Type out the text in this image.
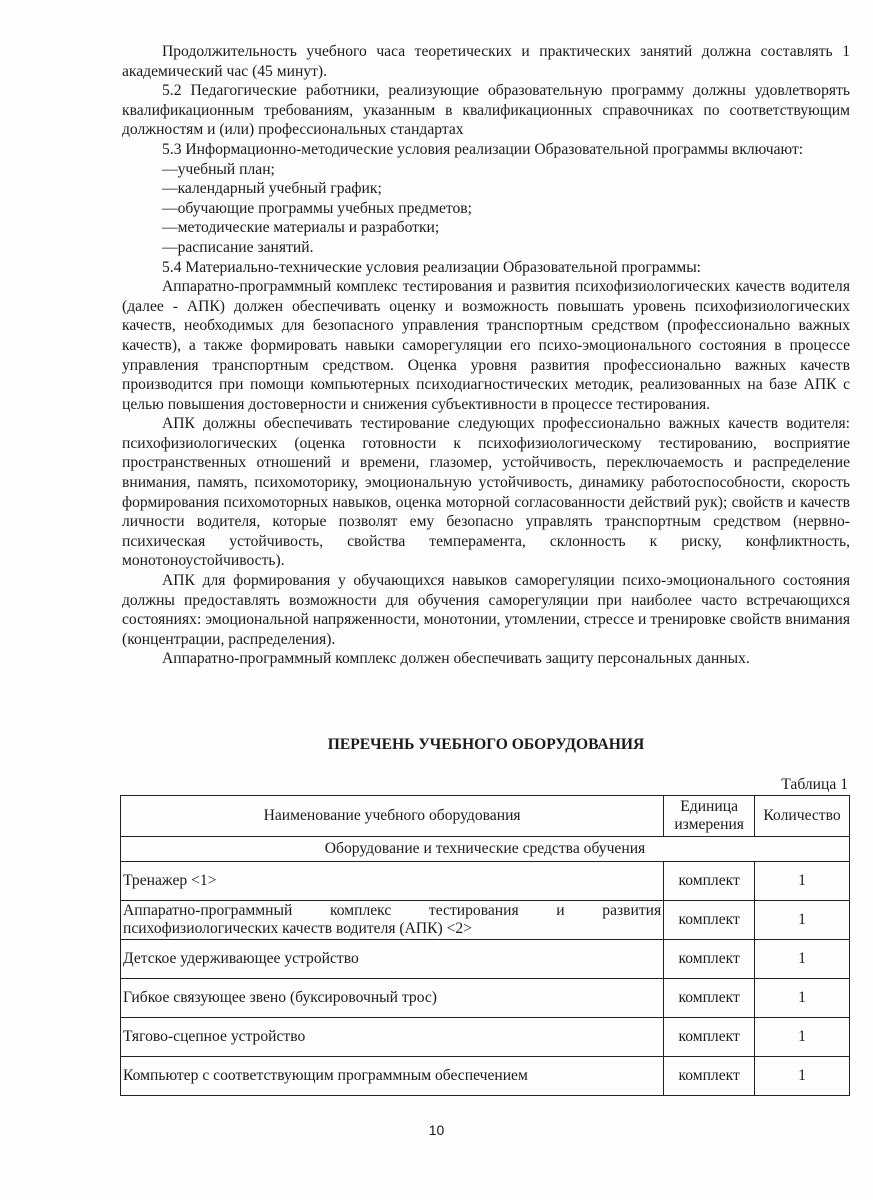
Продолжительность учебного часа теоретических и практических занятий должна составлять 1 академический час (45 минут).

5.2 Педагогические работники, реализующие образовательную программу должны удовлетворять квалификационным требованиям, указанным в квалификационных справочниках по соответствующим должностям и (или) профессиональных стандартах

5.3 Информационно-методические условия реализации Образовательной программы включают:

—учебный план;

—календарный учебный график;

—обучающие программы учебных предметов;

—методические материалы и разработки;

—расписание занятий.

5.4 Материально-технические условия реализации Образовательной программы:

Аппаратно-программный комплекс тестирования и развития психофизиологических качеств водителя (далее - АПК) должен обеспечивать оценку и возможность повышать уровень психофизиологических качеств, необходимых для безопасного управления транспортным средством (профессионально важных качеств), а также формировать навыки саморегуляции его психо-эмоционального состояния в процессе управления транспортным средством. Оценка уровня развития профессионально важных качеств производится при помощи компьютерных психодиагностических методик, реализованных на базе АПК с целью повышения достоверности и снижения субъективности в процессе тестирования.

АПК должны обеспечивать тестирование следующих профессионально важных качеств водителя: психофизиологических (оценка готовности к психофизиологическому тестированию, восприятие пространственных отношений и времени, глазомер, устойчивость, переключаемость и распределение внимания, память, психомоторику, эмоциональную устойчивость, динамику работоспособности, скорость формирования психомоторных навыков, оценка моторной согласованности действий рук); свойств и качеств личности водителя, которые позволят ему безопасно управлять транспортным средством (нервно-психическая устойчивость, свойства темперамента, склонность к риску, конфликтность, монотоноустойчивость).

АПК для формирования у обучающихся навыков саморегуляции психо-эмоционального состояния должны предоставлять возможности для обучения саморегуляции при наиболее часто встречающихся состояниях: эмоциональной напряженности, монотонии, утомлении, стрессе и тренировке свойств внимания (концентрации, распределения).

Аппаратно-программный комплекс должен обеспечивать защиту персональных данных.

ПЕРЕЧЕНЬ УЧЕБНОГО ОБОРУДОВАНИЯ
Таблица 1
Наименование учебного оборудования	Единица измерения	Количество
Оборудование и технические средства обучения		
Тренажер <1>	комплект	1

Аппаратно-программный комплекс тестирования и развития
психофизиологических качеств водителя (АПК) <2>	комплект	1
Детское удерживающее устройство	комплект	1
Гибкое связующее звено (буксировочный трос)	комплект	1
Тягово-сцепное устройство	комплект	1
Компьютер с соответствующим программным обеспечением	комплект	1
10
